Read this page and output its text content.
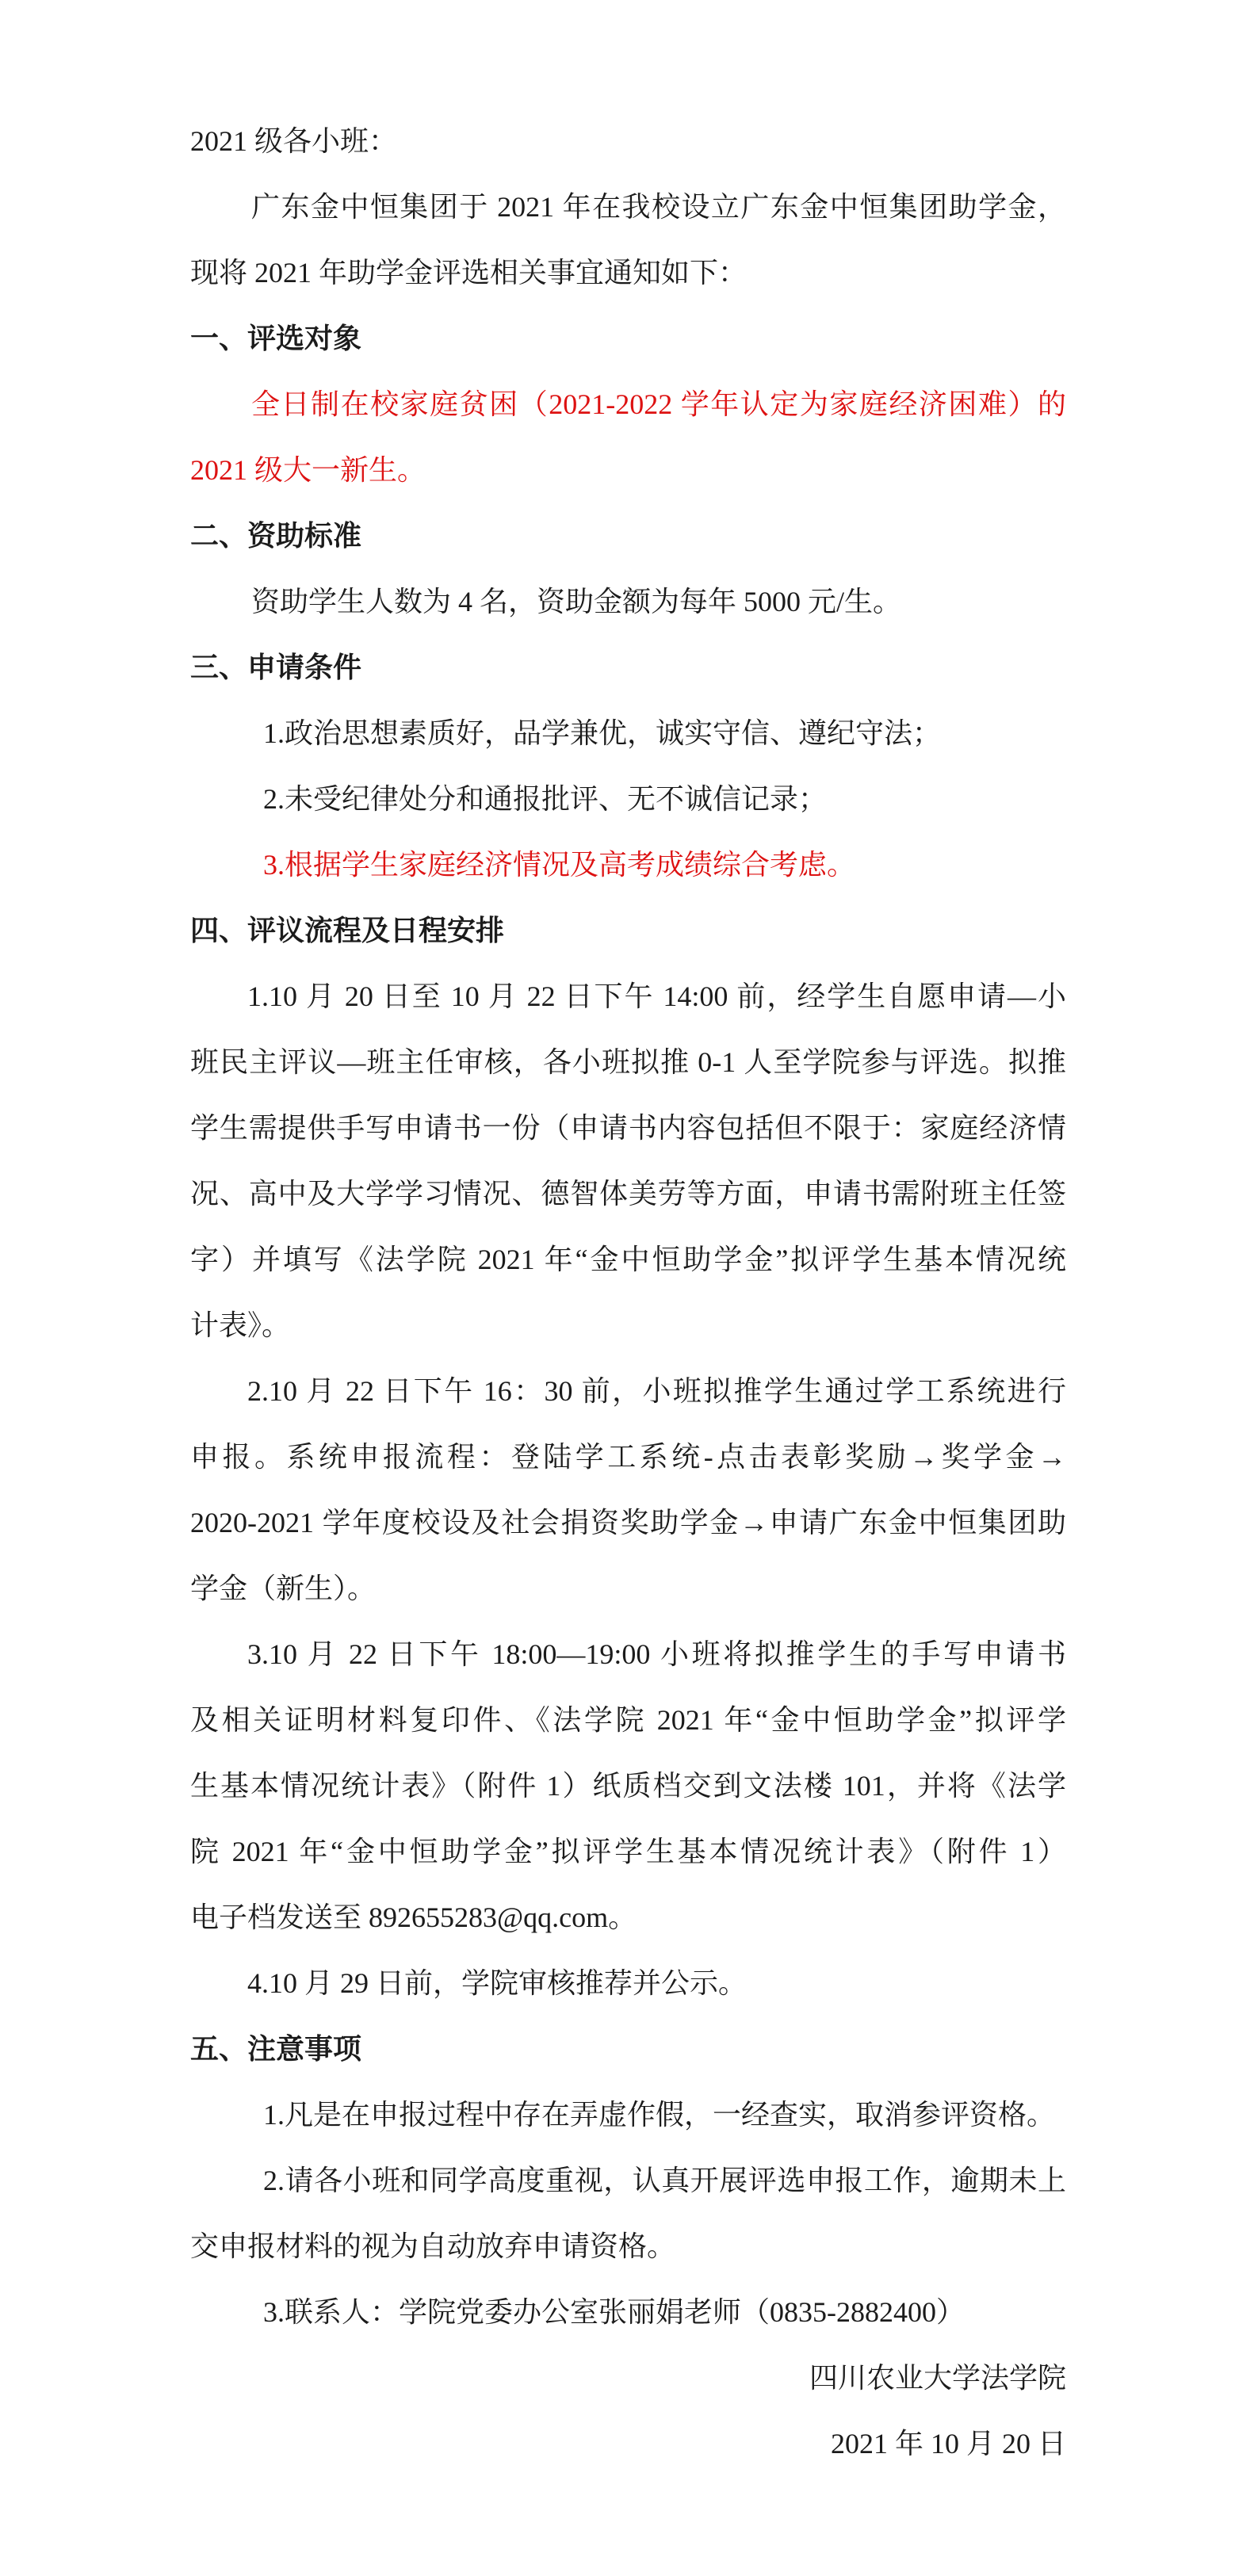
2021 级各小班：
广东金中恒集团于 2021 年在我校设立广东金中恒集团助学金，
现将 2021 年助学金评选相关事宜通知如下：
一、评选对象
全日制在校家庭贫困（2021-2022 学年认定为家庭经济困难）的
2021 级大一新生。
二、资助标准
资助学生人数为 4 名，资助金额为每年 5000 元/生。
三、申请条件
1.政治思想素质好，品学兼优，诚实守信、遵纪守法；
2.未受纪律处分和通报批评、无不诚信记录；
3.根据学生家庭经济情况及高考成绩综合考虑。
四、评议流程及日程安排
1.10 月 20 日至 10 月 22 日下午 14:00 前，经学生自愿申请—小
班民主评议—班主任审核，各小班拟推 0-1 人至学院参与评选。拟推
学生需提供手写申请书一份（申请书内容包括但不限于：家庭经济情
况、高中及大学学习情况、德智体美劳等方面，申请书需附班主任签
字）并填写《法学院 2021 年“金中恒助学金”拟评学生基本情况统
计表》。
2.10 月 22 日下午 16：30 前，小班拟推学生通过学工系统进行
申报。系统申报流程：登陆学工系统-点击表彰奖励→奖学金→
2020-2021 学年度校设及社会捐资奖助学金→申请广东金中恒集团助
学金（新生）。
3.10 月 22 日下午 18:00—19:00 小班将拟推学生的手写申请书
及相关证明材料复印件、《法学院 2021 年“金中恒助学金”拟评学
生基本情况统计表》（附件 1）纸质档交到文法楼 101，并将《法学
院 2021 年“金中恒助学金”拟评学生基本情况统计表》（附件 1）
电子档发送至 892655283@qq.com。
4.10 月 29 日前，学院审核推荐并公示。
五、注意事项
1.凡是在申报过程中存在弄虚作假，一经查实，取消参评资格。
2.请各小班和同学高度重视，认真开展评选申报工作，逾期未上
交申报材料的视为自动放弃申请资格。
3.联系人：学院党委办公室张丽娟老师（0835-2882400）
四川农业大学法学院
2021 年 10 月 20 日
